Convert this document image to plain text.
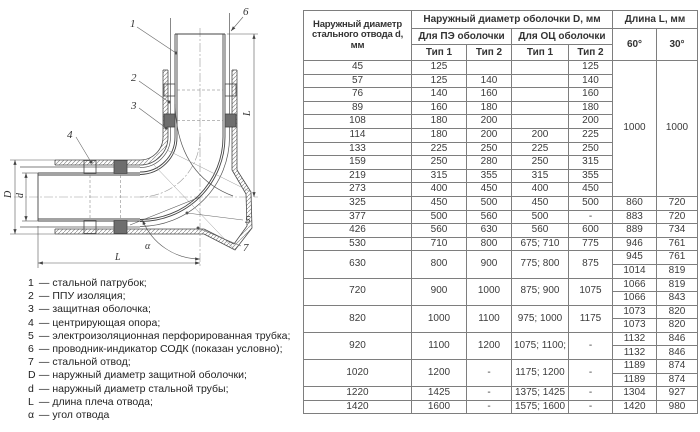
L
L
D d
α
1
2
3
4
5
6
7
1 — стальной патрубок;
2 — ППУ изоляция;
3 — защитная оболочка;
4 — центрирующая опора;
5 — электроизоляционная перфорированная трубка;
6 — проводник-индикатор СОДК (показан условно);
7 — стальной отвод;
D — наружный диаметр защитной оболочки;
d — наружный диаметр стальной трубы;
L — длина плеча отвода;
α — угол отвода
Наружный диаметр стального отвода d, мм	Наружный диаметр оболочки D, мм				Длина L, мм	
	Для ПЭ оболочки		Для ОЦ оболочки		60°	30°
	Тип 1	Тип 2	Тип 1	Тип 2		
45	125			125	1000	1000
57	125	140		140		
76	140	160		160		
89	160	180		180		
108	180	200		200		
114	180	200	200	225		
133	225	250	225	250		
159	250	280	250	315		
219	315	355	315	355		
273	400	450	400	450		
325	450	500	450	500	860	720
377	500	560	500	-	883	720
426	560	630	560	600	889	734
530	710	800	675; 710	775	946	761
630	800	900	775; 800	875	945	761
					1014	819
720	900	1000	875; 900	1075	1066	819
					1066	843
820	1000	1100	975; 1000	1175	1073	820
					1073	820
920	1100	1200	1075; 1100;	-	1132	846
					1132	846
1020	1200	-	1175; 1200	-	1189	874
					1189	874
1220	1425	-	1375; 1425	-	1304	927
1420	1600	-	1575; 1600	-	1420	980
